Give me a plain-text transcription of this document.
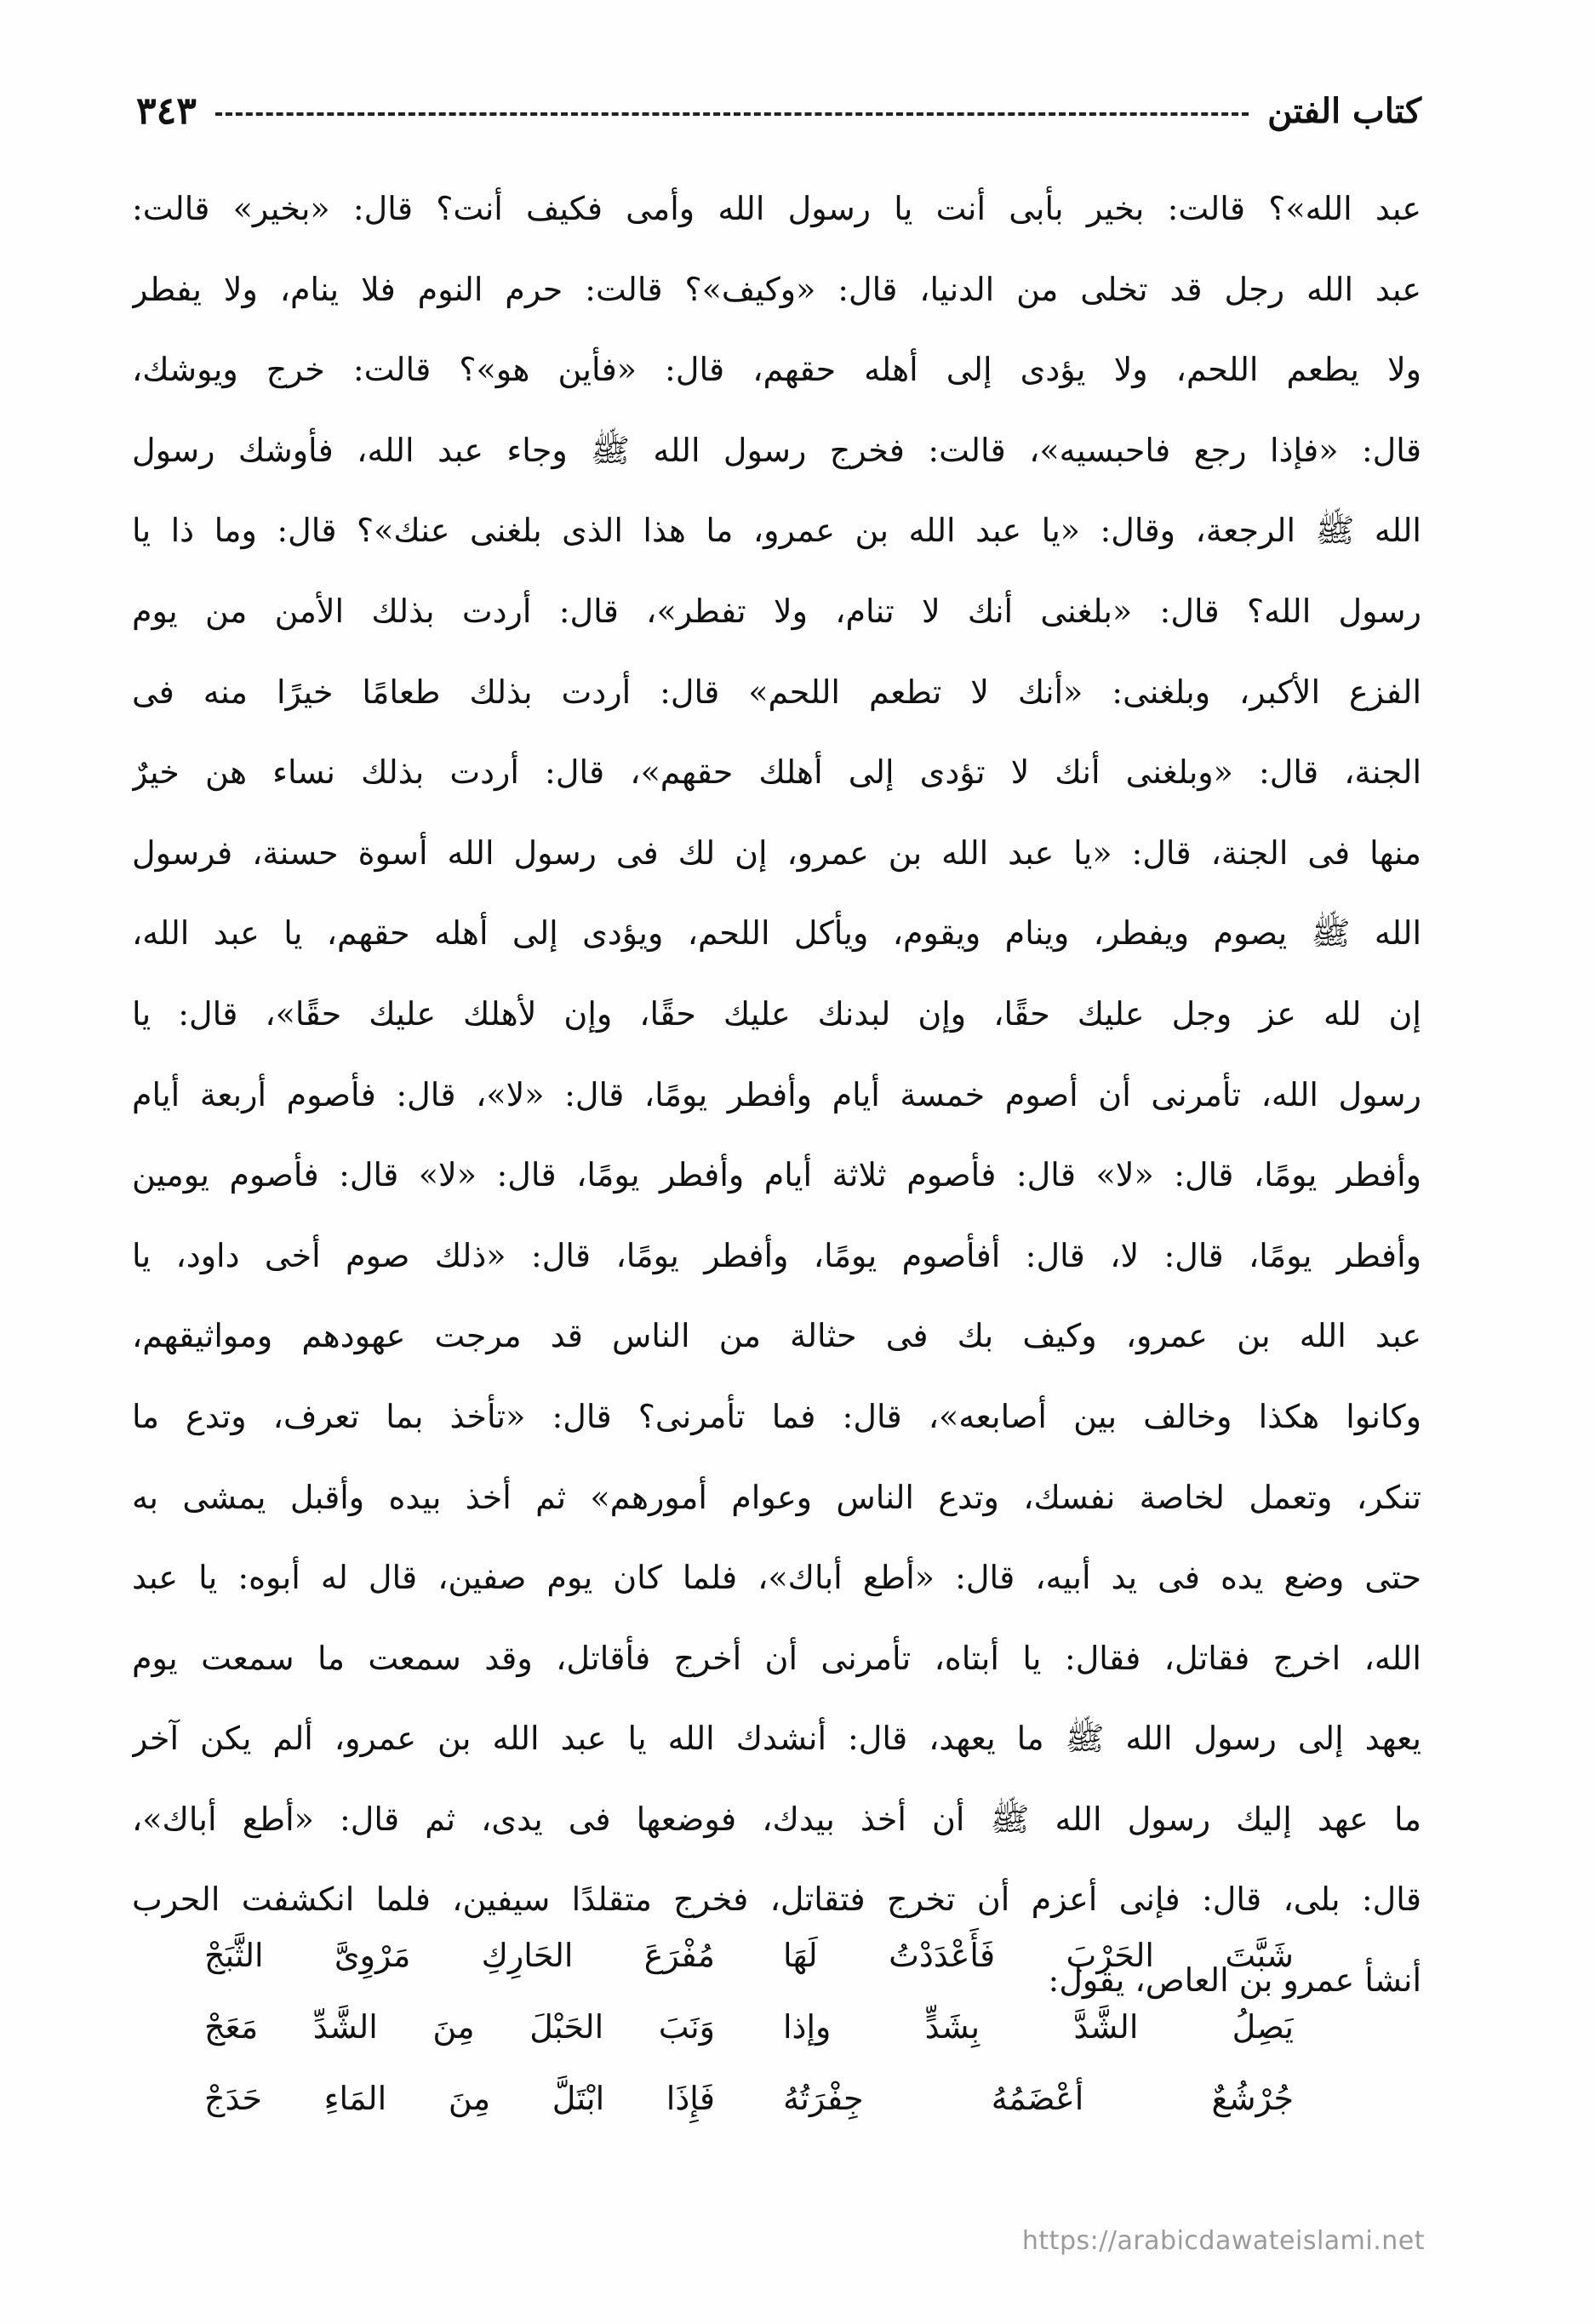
كتاب الفتن
٣٤٣
عبد الله»؟ قالت: بخير بأبى أنت يا رسول الله وأمى فكيف أنت؟ قال: «بخير» قالت:
عبد الله رجل قد تخلى من الدنيا، قال: «وكيف»؟ قالت: حرم النوم فلا ينام، ولا يفطر
ولا يطعم اللحم، ولا يؤدى إلى أهله حقهم، قال: «فأين هو»؟ قالت: خرج ويوشك،
قال: «فإذا رجع فاحبسيه»، قالت: فخرج رسول الله ﷺ وجاء عبد الله، فأوشك رسول
الله ﷺ الرجعة، وقال: «يا عبد الله بن عمرو، ما هذا الذى بلغنى عنك»؟ قال: وما ذا يا
رسول الله؟ قال: «بلغنى أنك لا تنام، ولا تفطر»، قال: أردت بذلك الأمن من يوم
الفزع الأكبر، وبلغنى: «أنك لا تطعم اللحم» قال: أردت بذلك طعامًا خيرًا منه فى
الجنة، قال: «وبلغنى أنك لا تؤدى إلى أهلك حقهم»، قال: أردت بذلك نساء هن خيرٌ
منها فى الجنة، قال: «يا عبد الله بن عمرو، إن لك فى رسول الله أسوة حسنة، فرسول
الله ﷺ يصوم ويفطر، وينام ويقوم، ويأكل اللحم، ويؤدى إلى أهله حقهم، يا عبد الله،
إن لله عز وجل عليك حقًا، وإن لبدنك عليك حقًا، وإن لأهلك عليك حقًا»، قال: يا
رسول الله، تأمرنى أن أصوم خمسة أيام وأفطر يومًا، قال: «لا»، قال: فأصوم أربعة أيام
وأفطر يومًا، قال: «لا» قال: فأصوم ثلاثة أيام وأفطر يومًا، قال: «لا» قال: فأصوم يومين
وأفطر يومًا، قال: لا، قال: أفأصوم يومًا، وأفطر يومًا، قال: «ذلك صوم أخى داود، يا
عبد الله بن عمرو، وكيف بك فى حثالة من الناس قد مرجت عهودهم ومواثيقهم،
وكانوا هكذا وخالف بين أصابعه»، قال: فما تأمرنى؟ قال: «تأخذ بما تعرف، وتدع ما
تنكر، وتعمل لخاصة نفسك، وتدع الناس وعوام أمورهم» ثم أخذ بيده وأقبل يمشى به
حتى وضع يده فى يد أبيه، قال: «أطع أباك»، فلما كان يوم صفين، قال له أبوه: يا عبد
الله، اخرج فقاتل، فقال: يا أبتاه، تأمرنى أن أخرج فأقاتل، وقد سمعت ما سمعت يوم
يعهد إلى رسول الله ﷺ ما يعهد، قال: أنشدك الله يا عبد الله بن عمرو، ألم يكن آخر
ما عهد إليك رسول الله ﷺ أن أخذ بيدك، فوضعها فى يدى، ثم قال: «أطع أباك»،
قال: بلى، قال: فإنى أعزم أن تخرج فتقاتل، فخرج متقلدًا سيفين، فلما انكشفت الحرب
أنشأ عمرو بن العاص، يقول:
شَبَّتَ الحَرْبَ فَأَعْدَدْتُ لَهَا
مُفْرَعَ الحَارِكِ مَرْوِىَّ الثَّبَجْ
يَصِلُ الشَّدَّ بِشَدٍّ وإذا
وَنَبَ الحَبْلَ مِنَ الشَّدِّ مَعَجْ
جُرْشُعٌ أعْضَمُهُ جِفْرَتُهُ
فَإِذَا ابْتَلَّ مِنَ المَاءِ حَدَجْ
https://arabicdawateislami.net
